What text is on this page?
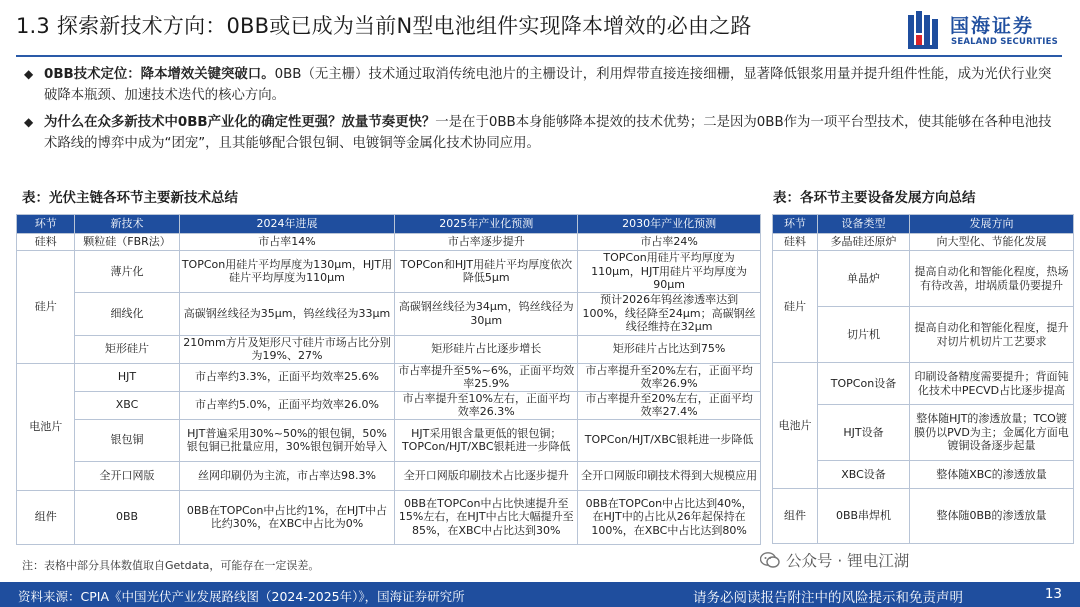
1.3 探索新技术方向：0BB或已成为当前N型电池组件实现降本增效的必由之路	国海证券
SEALAND SECURITIES
◆ 0BB技术定位：降本增效关键突破口。0BB（无主栅）技术通过取消传统电池片的主栅设计，利用焊带直接连接细栅，显著降低银浆用量并提升组件性能，成为光伏行业突破降本瓶颈、加速技术迭代的核心方向。
◆ 为什么在众多新技术中0BB产业化的确定性更强？放量节奏更快？一是在于0BB本身能够降本提效的技术优势；二是因为0BB作为一项平台型技术，使其能够在各种电池技术路线的博弈中成为“团宠”，且其能够配合银包铜、电镀铜等金属化技术协同应用。
表：光伏主链各环节主要新技术总结	表：各环节主要设备发展方向总结
环节	新技术	2024年进展	2025年产业化预测	2030年产业化预测
硅料	颗粒硅（FBR法）	市占率14%	市占率逐步提升	市占率24%
硅片	薄片化	TOPCon用硅片平均厚度为130μm，HJT用硅片平均厚度为110μm	TOPCon和HJT用硅片平均厚度依次降低5μm	TOPCon用硅片平均厚度为110μm，HJT用硅片平均厚度为90μm
	细线化	高碳钢丝线径为35μm，钨丝线径为33μm	高碳钢丝线径为34μm，钨丝线径为30μm	预计2026年钨丝渗透率达到100%，线径降至24μm；高碳钢丝线径维持在32μm
	矩形硅片	210mm方片及矩形尺寸硅片市场占比分别为19%、27%	矩形硅片占比逐步增长	矩形硅片占比达到75%
电池片	HJT	市占率约3.3%，正面平均效率25.6%	市占率提升至5%~6%，正面平均效率25.9%	市占率提升至20%左右，正面平均效率26.9%
	XBC	市占率约5.0%，正面平均效率26.0%	市占率提升至10%左右，正面平均效率26.3%	市占率提升至20%左右，正面平均效率27.4%
	银包铜	HJT普遍采用30%~50%的银包铜，50%银包铜已批量应用，30%银包铜开始导入	HJT采用银含量更低的银包铜；TOPCon/HJT/XBC银耗进一步降低	TOPCon/HJT/XBC银耗进一步降低
	全开口网版	丝网印刷仍为主流，市占率达98.3%	全开口网版印刷技术占比逐步提升	全开口网版印刷技术得到大规模应用
组件	0BB	0BB在TOPCon中占比约1%，在HJT中占比约30%，在XBC中占比为0%	0BB在TOPCon中占比快速提升至15%左右，在HJT中占比大幅提升至85%，在XBC中占比达到30%	0BB在TOPCon中占比达到40%，在HJT中的占比从26年起保持在100%，在XBC中占比达到80%
环节	设备类型	发展方向
硅料	多晶硅还原炉	向大型化、节能化发展
硅片	单晶炉	提高自动化和智能化程度，热场有待改善，坩埚质量仍要提升
	切片机	提高自动化和智能化程度，提升对切片机切片工艺要求
电池片	TOPCon设备	印刷设备精度需要提升；背面钝化技术中PECVD占比逐步提高
	HJT设备	整体随HJT的渗透放量；TCO镀膜仍以PVD为主；金属化方面电镀铜设备逐步起量
	XBC设备	整体随XBC的渗透放量
组件	0BB串焊机	整体随0BB的渗透放量
注：表格中部分具体数值取自Getdata，可能存在一定误差。	公众号 · 锂电江湖
资料来源：CPIA《中国光伏产业发展路线图（2024-2025年）》，国海证券研究所	请务必阅读报告附注中的风险提示和免责声明	13
